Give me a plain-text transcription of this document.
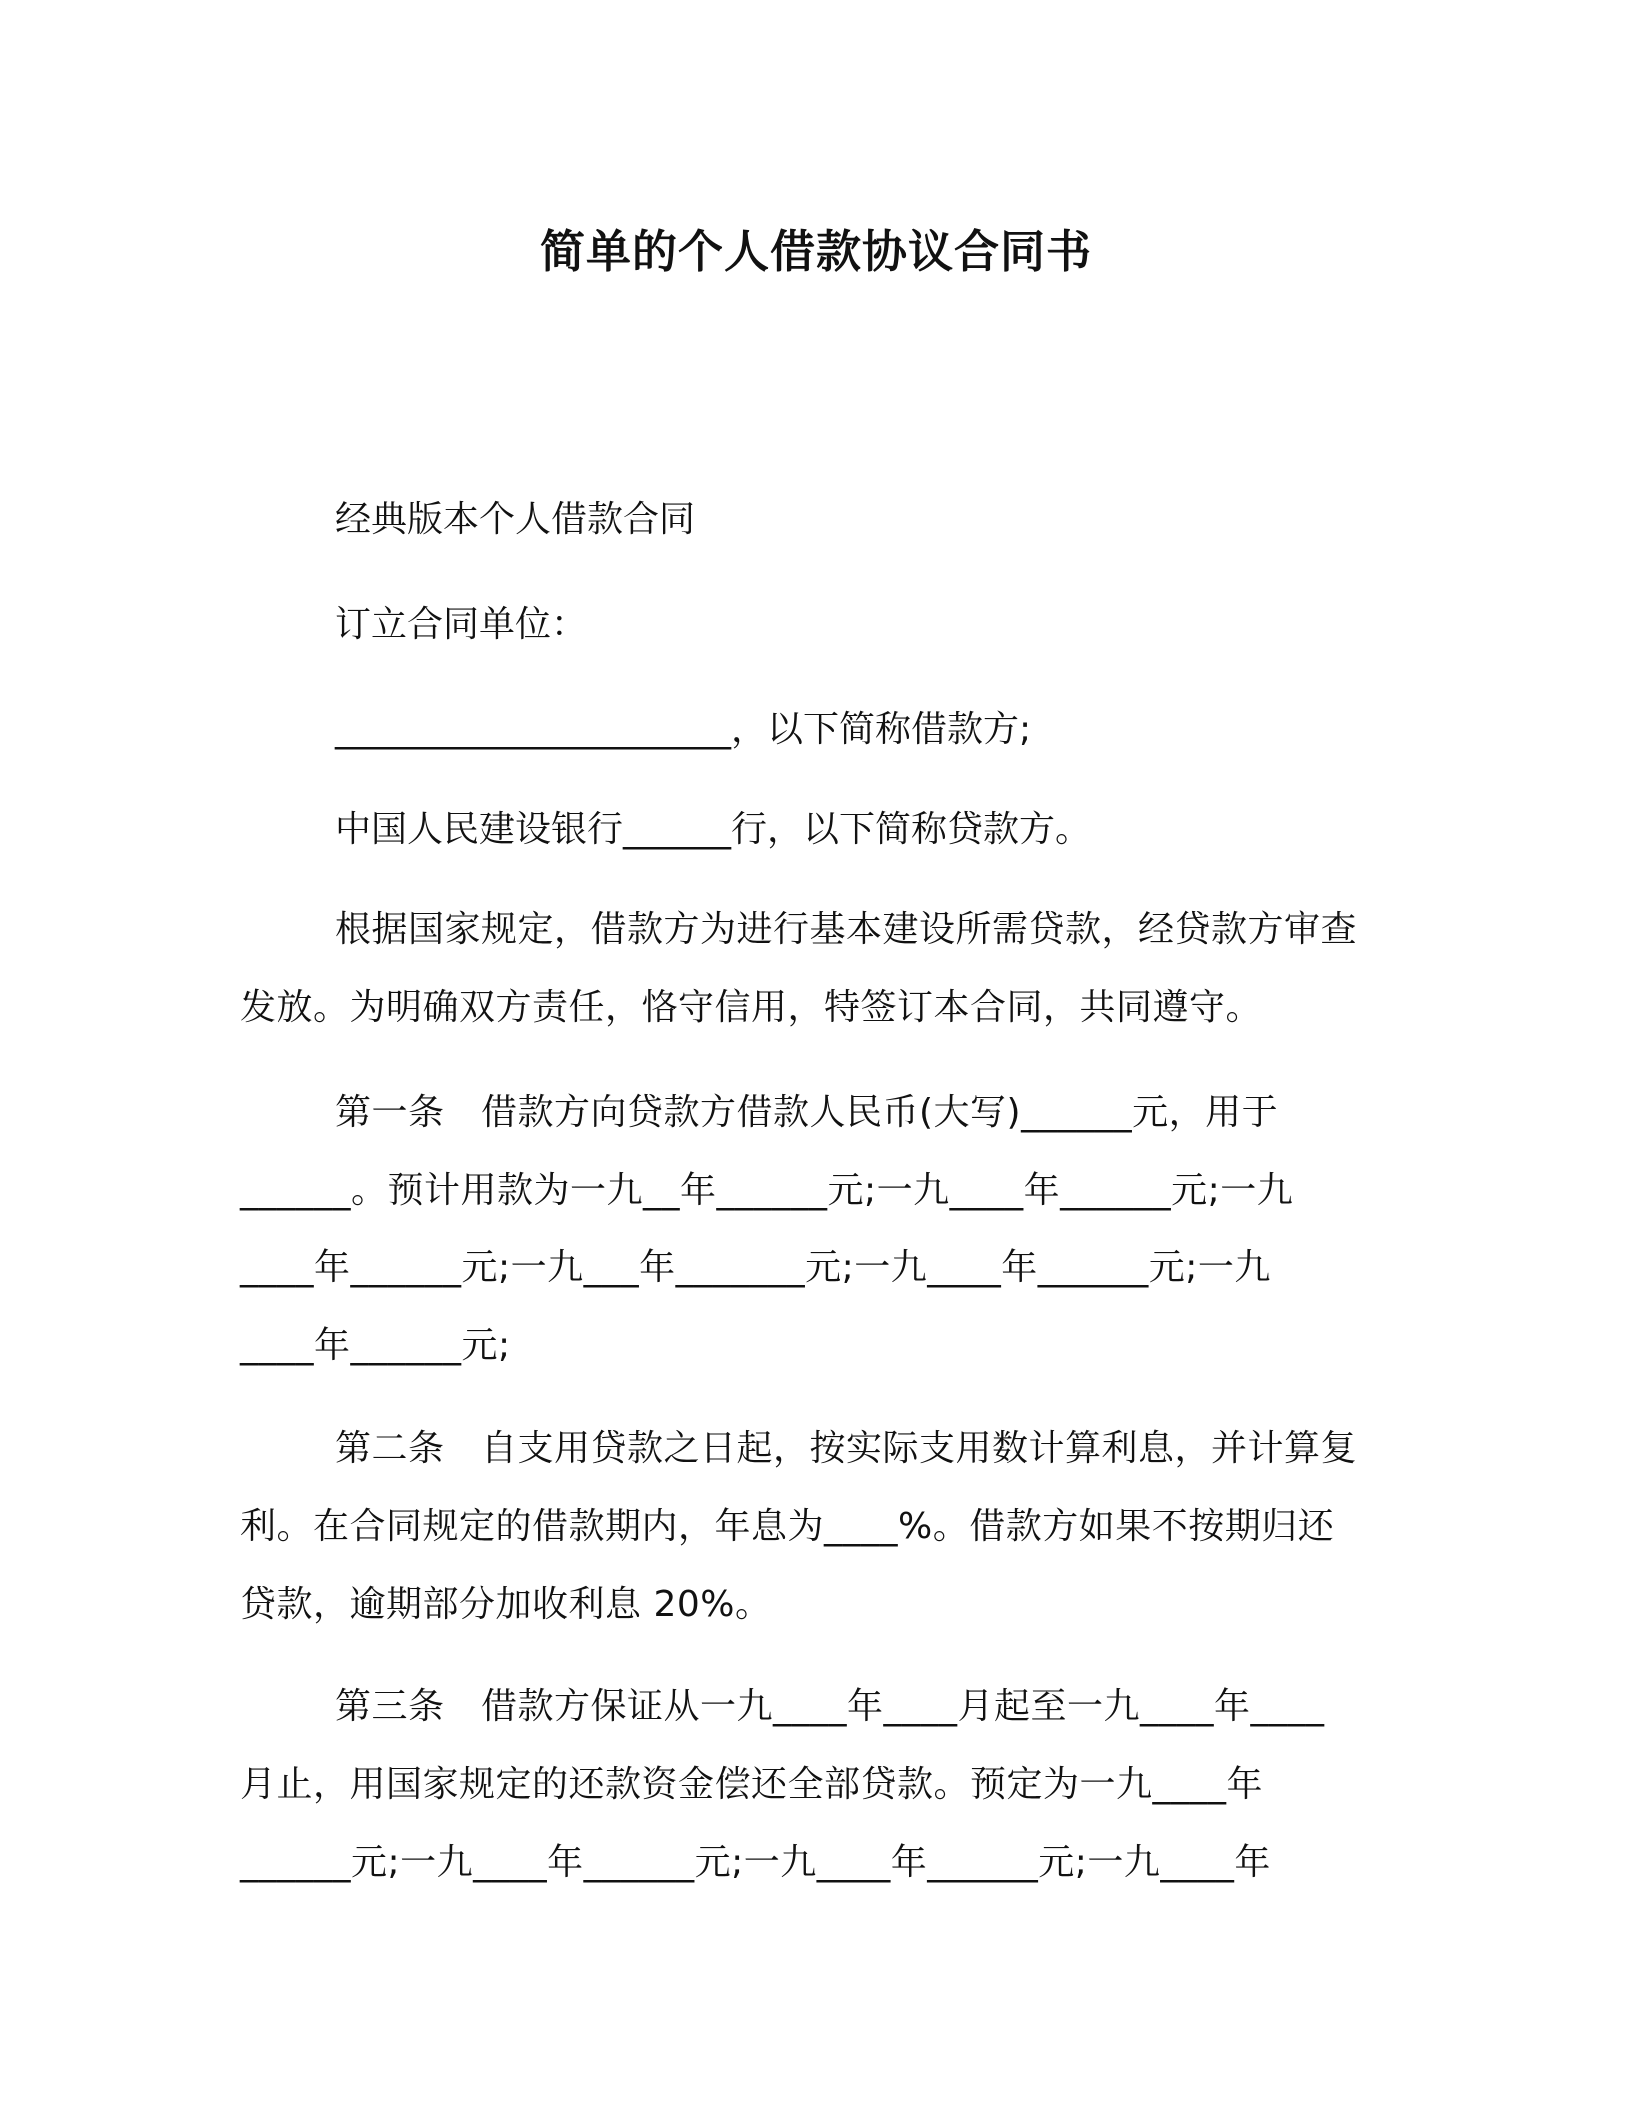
简单的个人借款协议合同书
经典版本个人借款合同
订立合同单位：
______________________，以下简称借款方;
中国人民建设银行______行，以下简称贷款方。
根据国家规定，借款方为进行基本建设所需贷款，经贷款方审查
发放。为明确双方责任，恪守信用，特签订本合同，共同遵守。
第一条　借款方向贷款方借款人民币(大写)______元，用于
______。预计用款为一九__年______元;一九____年______元;一九
____年______元;一九___年_______元;一九____年______元;一九
____年______元;
第二条　自支用贷款之日起，按实际支用数计算利息，并计算复
利。在合同规定的借款期内，年息为____%。借款方如果不按期归还
贷款，逾期部分加收利息 20%。
第三条　借款方保证从一九____年____月起至一九____年____
月止，用国家规定的还款资金偿还全部贷款。预定为一九____年
______元;一九____年______元;一九____年______元;一九____年
